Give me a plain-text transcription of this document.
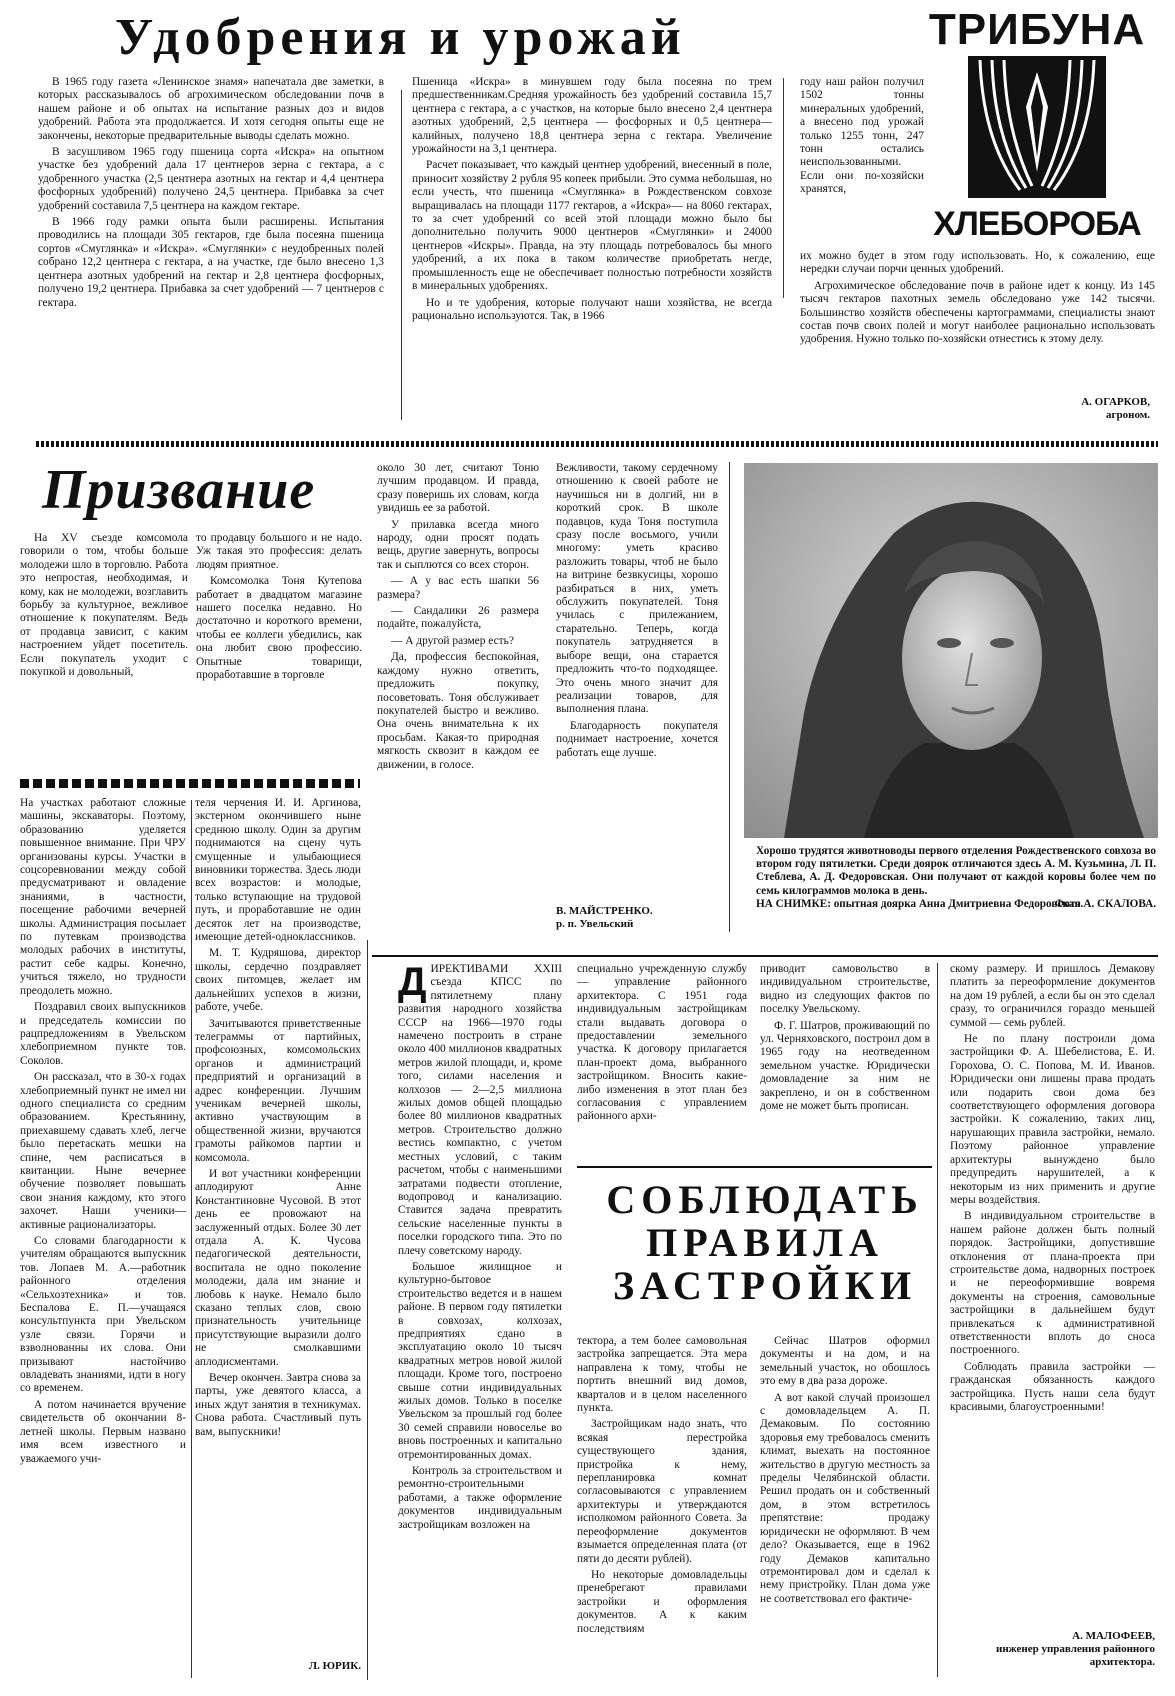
Удобрения и урожай

В 1965 году газета «Ленинское знамя» напечатала две заметки, в которых рассказывалось об агрохимическом обследовании почв в нашем районе и об опытах на испытание разных доз и видов удобрений. Работа эта продолжается. И хотя сегодня опыты еще не закончены, некоторые предварительные выводы сделать можно.

В засушливом 1965 году пшеница сорта «Искра» на опытном участке без удобрений дала 17 центнеров зерна с гектара, а с удобренного участка (2,5 центнера азотных на гектар и 4,4 центнера фосфорных удобрений) получено 24,5 центнера. Прибавка за счет удобрений составила 7,5 центнера на каждом гектаре.

В 1966 году рамки опыта были расширены. Испытания проводились на площади 305 гектаров, где была посеяна пшеница сортов «Смуглянка» и «Искра». «Смуглянки» с неудобренных полей собрано 12,2 центнера с гектара, а на участке, где было внесено 1,3 центнера азотных удобрений на гектар и 2,8 центнера фосфорных, получено 19,2 центнера. Прибавка за счет удобрений — 7 центнеров с гектара.

Пшеница «Искра» в минувшем году была посеяна по трем предшественникам.Средняя урожайность без удобрений составила 15,7 центнера с гектара, а с участков, на которые было внесено 2,4 центнера азотных удобрений, 2,5 центнера — фосфорных и 0,5 центнера— калийных, получено 18,8 центнера зерна с гектара. Увеличение урожайности на 3,1 центнера.

Расчет показывает, что каждый центнер удобрений, внесенный в поле, приносит хозяйству 2 рубля 95 копеек прибыли. Это сумма небольшая, но если учесть, что пшеница «Смуглянка» в Рождественском совхозе выращивалась на площади 1177 гектаров, а «Искра»— на 8060 гектарах, то за счет удобрений со всей этой площади можно было бы дополнительно получить 9000 центнеров «Смуглянки» и 24000 центнеров «Искры». Правда, на эту площадь потребовалось бы много удобрений, а их пока в таком количестве приобретать негде, промышленность еще не обеспечивает полностью потребности хозяйств в минеральных удобрениях.

Но и те удобрения, которые получают наши хозяйства, не всегда рационально используются. Так, в 1966

году наш район получил 1502 тонны минеральных удобрений, а внесено под урожай только 1255 тонн, 247 тонн остались неиспользованными. Если они по-хозяйски хранятся,

их можно будет в этом году использовать. Но, к сожалению, еще нередки случаи порчи ценных удобрений.

Агрохимическое обследование почв в районе идет к концу. Из 145 тысяч гектаров пахотных земель обследовано уже 142 тысячи. Большинство хозяйств обеспечены картограммами, специалисты знают состав почв своих полей и могут наиболее рационально использовать удобрения. Нужно только по-хозяйски отнестись к этому делу.

ТРИБУНА
ХЛЕБОРОБА
А. ОГАРКОВ,
агроном.
Призвание

На XV съезде комсомола говорили о том, чтобы больше молодежи шло в торговлю. Работа это непростая, необходимая, и кому, как не молодежи, возглавить борьбу за культурное, вежливое отношение к покупателям. Ведь от продавца зависит, с каким настроением уйдет посетитель. Если покупатель уходит с покупкой и довольный,

то продавцу большого и не надо. Уж такая это профессия: делать людям приятное.

Комсомолка Тоня Кутепова работает в двадцатом магазине нашего поселка недавно. Но достаточно и короткого времени, чтобы ее коллеги убедились, как она любит свою профессию. Опытные товарищи, проработавшие в торговле

около 30 лет, считают Тоню лучшим продавцом. И правда, сразу поверишь их словам, когда увидишь ее за работой.

У прилавка всегда много народу, одни просят подать вещь, другие завернуть, вопросы так и сыплются со всех сторон.

— А у вас есть шапки 56 размера?

— Сандалики 26 размера подайте, пожалуйста,

— А другой размер есть?

Да, профессия беспокойная, каждому нужно ответить, предложить покупку, посоветовать. Тоня обслуживает покупателей быстро и вежливо. Она очень внимательна к их просьбам. Какая-то природная мягкость сквозит в каждом ее движении, в голосе.

Вежливости, такому сердечному отношению к своей работе не научишься ни в долгий, ни в короткий срок. В школе подавцов, куда Тоня поступила сразу после восьмого, учили многому: уметь красиво разложить товары, чтоб не было на витрине безвкусицы, хорошо разбираться в них, уметь обслужить покупателей. Тоня училась с прилежанием, старательно. Теперь, когда покупатель затрудняется в выборе вещи, она старается предложить что-то подходящее. Это очень много значит для реализации товаров, для выполнения плана.

Благодарность покупателя поднимает настроение, хочется работать еще лучше.

В. МАЙСТРЕНКО.
р. п. Увельский
Хорошо трудятся животноводы первого отделения Рождественского совхоза во втором году пятилетки. Среди доярок отличаются здесь А. М. Кузьмина, Л. П. Стеблева, А. Д. Федоровская. Они получают от каждой коровы более чем по семь килограммов молока в день.
НА СНИМКЕ: опытная доярка Анна Дмитриевна Федоровская.
Фото А. СКАЛОВА.

На участках работают сложные машины, экскаваторы. Поэтому, образованию уделяется повышенное внимание. При ЧРУ организованы курсы. Участки в соцсоревновании между собой предусматривают и овладение знаниями, в частности, посещение рабочими вечерней школы. Администрация посылает по путевкам производства молодых рабочих в институты, растит себе кадры. Конечно, учиться тяжело, но трудности преодолеть можно.

Поздравил своих выпускников и председатель комиссии по рацпредложениям в Увельском хлебоприемном пункте тов. Соколов.

Он рассказал, что в 30-х годах хлебоприемный пункт не имел ни одного специалиста со средним образованием. Крестьянину, приехавшему сдавать хлеб, легче было перетаскать мешки на спине, чем расписаться в квитанции. Ныне вечернее обучение позволяет повышать свои знания каждому, кто этого захочет. Наши ученики— активные рационализаторы.

Со словами благодарности к учителям обращаются выпускник тов. Лопаев М. А.—работник районного отделения «Сельхозтехника» и тов. Беспалова Е. П.—учащаяся консультпункта при Увельском узле связи. Горячи и взволнованны их слова. Они призывают настойчиво овладевать знаниями, идти в ногу со временем.

А потом начинается вручение свидетельств об окончании 8-летней школы. Первым названо имя всем известного и уважаемого учи-

теля черчения И. И. Аргинова, экстерном окончившего ныне среднюю школу. Один за другим поднимаются на сцену чуть смущенные и улыбающиеся виновники торжества. Здесь люди всех возрастов: и молодые, только вступающие на трудовой путь, и проработавшие не один десяток лет на производстве, имеющие детей-одноклассников.

М. Т. Кудряшова, директор школы, сердечно поздравляет своих питомцев, желает им дальнейших успехов в жизни, работе, учебе.

Зачитываются приветственные телеграммы от партийных, профсоюзных, комсомольских органов и администраций предприятий и организаций в адрес конференции. Лучшим ученикам вечерней школы, активно участвующим в общественной жизни, вручаются грамоты райкомов партии и комсомола.

И вот участники конференции аплодируют Анне Константиновне Чусовой. В этот день ее провожают на заслуженный отдых. Более 30 лет отдала А. К. Чусова педагогической деятельности, воспитала не одно поколение молодежи, дала им знание и любовь к науке. Немало было сказано теплых слов, свою признательность учительнице присутствующие выразили долго не смолкавшими аплодисментами.

Вечер окончен. Завтра снова за парты, уже девятого класса, а иных ждут занятия в техникумах. Снова работа. Счастливый путь вам, выпускники!

Л. ЮРИК.
Д ИРЕКТИВАМИ XXIII съезда КПСС по пятилетнему плану развития народного хозяйства СССР на 1966—1970 годы намечено построить в стране около 400 миллионов квадратных метров жилой площади, и, кроме того, силами населения и колхозов — 2—2,5 миллиона жилых домов общей площадью более 80 миллионов квадратных метров. Строительство должно вестись компактно, с учетом местных условий, с таким расчетом, чтобы с наименьшими затратами подвести отопление, водопровод и канализацию. Ставится задача превратить сельские населенные пункты в поселки городского типа. Это по плечу советскому народу.

Большое жилищное и культурно-бытовое строительство ведется и в нашем районе. В первом году пятилетки в совхозах, колхозах, предприятиях сдано в эксплуатацию около 10 тысяч квадратных метров новой жилой площади. Кроме того, построено свыше сотни индивидуальных жилых домов. Только в поселке Увельском за прошлый год более 30 семей справили новоселье во вновь построенных и капитально отремонтированных домах.

Контроль за строительством и ремонтно-строительными работами, а также оформление документов индивидуальным застройщикам возложен на

специально учрежденную службу — управление районного архитектора. С 1951 года индивидуальным застройщикам стали выдавать договора о предоставлении земельного участка. К договору прилагается план-проект дома, выбранного застройщиком. Вносить какие-либо изменения в этот план без согласования с управлением районного архи-

приводит самовольство в индивидуальном строительстве, видно из следующих фактов по поселку Увельскому.

Ф. Г. Шатров, проживающий по ул. Черняховского, построил дом в 1965 году на неотведенном земельном участке. Юридически домовладение за ним не закреплено, и он в собственном доме не может быть прописан.

СОБЛЮДАТЬ
ПРАВИЛА
ЗАСТРОЙКИ

тектора, а тем более самовольная застройка запрещается. Эта мера направлена к тому, чтобы не портить внешний вид домов, кварталов и в целом населенного пункта.

Застройщикам надо знать, что всякая перестройка существующего здания, пристройка к нему, перепланировка комнат согласовываются с управлением архитектуры и утверждаются исполкомом районного Совета. За переоформление документов взымается определенная плата (от пяти до десяти рублей).

Но некоторые домовладельцы пренебрегают правилами застройки и оформления документов. А к каким последствиям

Сейчас Шатров оформил документы и на дом, и на земельный участок, но обошлось это ему в два раза дороже.

А вот какой случай произошел с домовладельцем А. П. Демаковым. По состоянию здоровья ему требовалось сменить климат, выехать на постоянное жительство в другую местность за пределы Челябинской области. Решил продать он и собственный дом, в этом встретилось препятствие: продажу юридически не оформляют. В чем дело? Оказывается, еще в 1962 году Демаков капитально отремонтировал дом и сделал к нему пристройку. План дома уже не соответствовал его фактиче-

скому размеру. И пришлось Демакову платить за переоформление документов на дом 19 рублей, а если бы он это сделал сразу, то ограничился гораздо меньшей суммой — семь рублей.

Не по плану построили дома застройщики Ф. А. Шебелистова, Е. И. Горохова, О. С. Попова, М. И. Иванов. Юридически они лишены права продать или подарить свои дома без соответствующего оформления договора застройки. К сожалению, таких лиц, нарушающих правила застройки, немало. Поэтому районное управление архитектуры вынуждено было предупредить нарушителей, а к некоторым из них применить и другие меры воздействия.

В индивидуальном строительстве в нашем районе должен быть полный порядок. Застройщики, допустившие отклонения от плана-проекта при строительстве дома, надворных построек и не переоформившие вовремя документы на строения, самовольные застройщики в дальнейшем будут привлекаться к административной ответственности вплоть до сноса построенного.

Соблюдать правила застройки — гражданская обязанность каждого застройщика. Пусть наши села будут красивыми, благоустроенными!

А. МАЛОФЕЕВ,
инженер управления районного архитектора.
